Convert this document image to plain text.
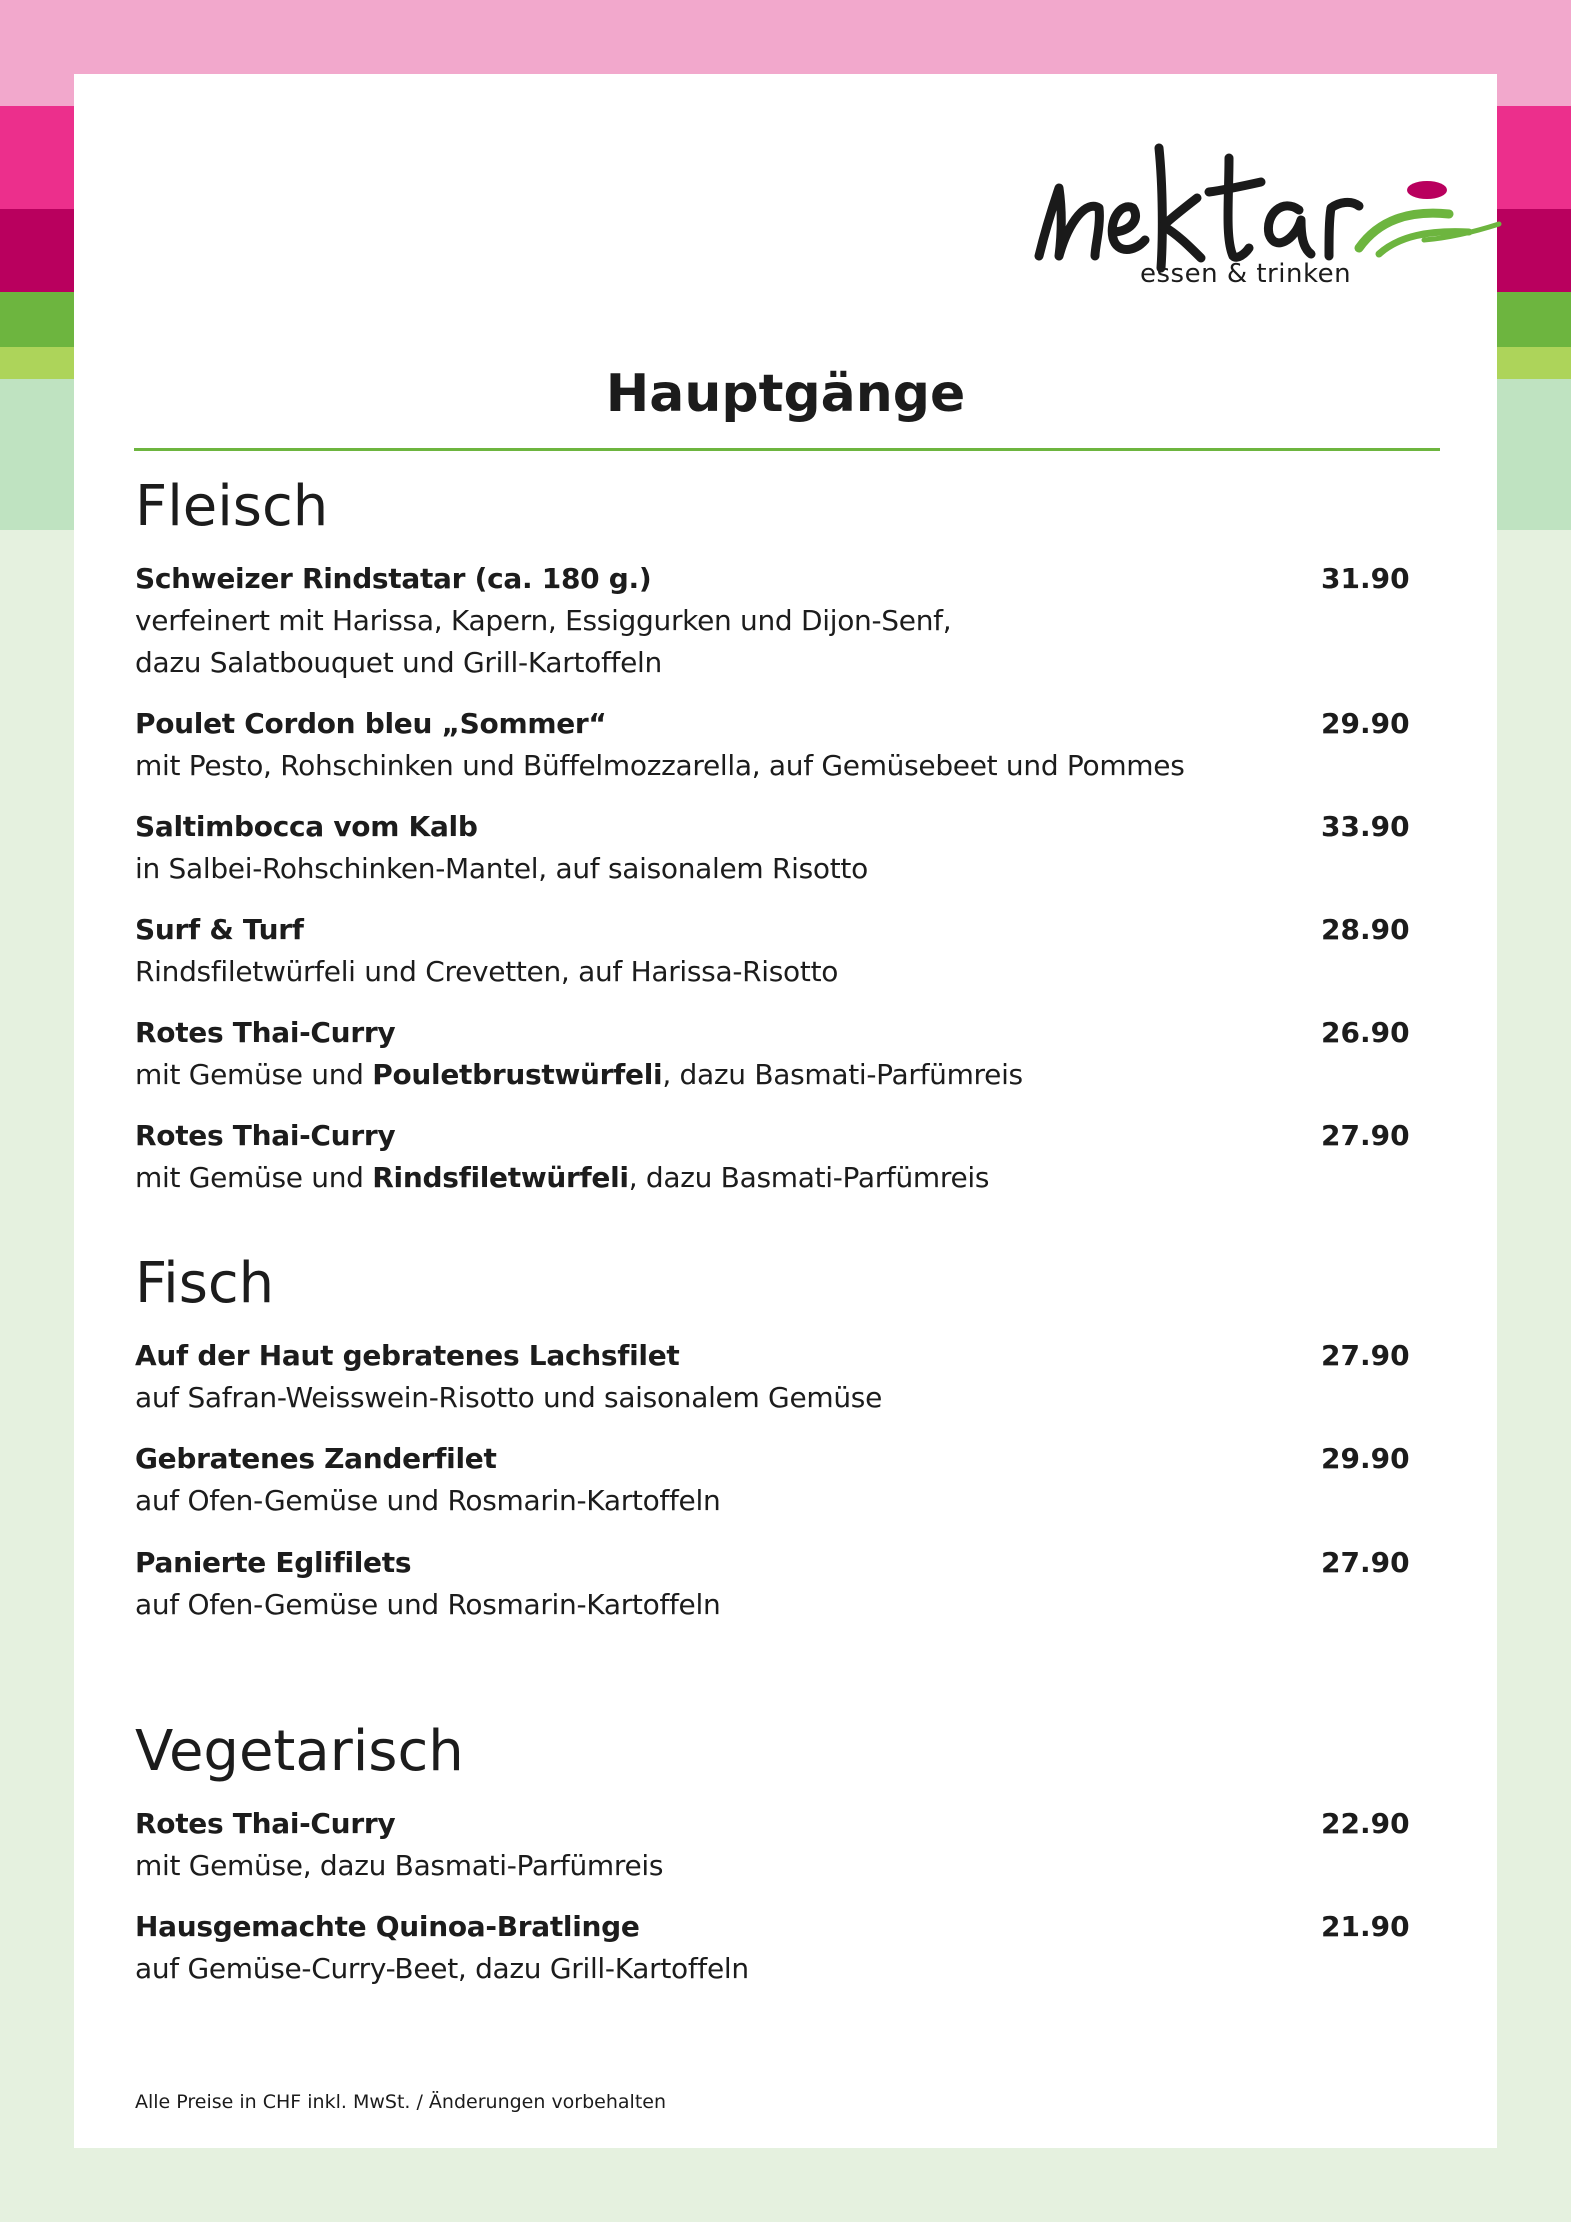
essen & trinken
Hauptgänge
Fleisch
Schweizer Rindstatar (ca. 180 g.)	31.90
verfeinert mit Harissa, Kapern, Essiggurken und Dijon-Senf,
dazu Salatbouquet und Grill-Kartoffeln
Poulet Cordon bleu „Sommer“	29.90
mit Pesto, Rohschinken und Büffelmozzarella, auf Gemüsebeet und Pommes
Saltimbocca vom Kalb	33.90
in Salbei-Rohschinken-Mantel, auf saisonalem Risotto
Surf & Turf	28.90
Rindsfiletwürfeli und Crevetten, auf Harissa-Risotto
Rotes Thai-Curry	26.90
mit Gemüse und Pouletbrustwürfeli, dazu Basmati-Parfümreis
Rotes Thai-Curry	27.90
mit Gemüse und Rindsfiletwürfeli, dazu Basmati-Parfümreis
Fisch
Auf der Haut gebratenes Lachsfilet	27.90
auf Safran-Weisswein-Risotto und saisonalem Gemüse
Gebratenes Zanderfilet	29.90
auf Ofen-Gemüse und Rosmarin-Kartoffeln
Panierte Eglifilets	27.90
auf Ofen-Gemüse und Rosmarin-Kartoffeln
Vegetarisch
Rotes Thai-Curry	22.90
mit Gemüse, dazu Basmati-Parfümreis
Hausgemachte Quinoa-Bratlinge	21.90
auf Gemüse-Curry-Beet, dazu Grill-Kartoffeln
Alle Preise in CHF inkl. MwSt. / Änderungen vorbehalten
